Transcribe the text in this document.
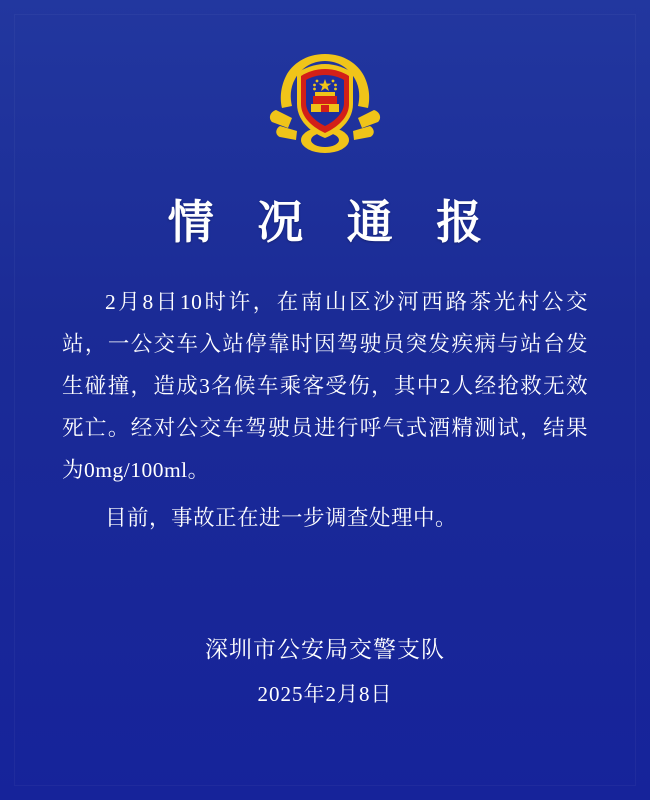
情 况 通 报

2月8日10时许，在南山区沙河西路茶光村公交站，一公交车入站停靠时因驾驶员突发疾病与站台发生碰撞，造成3名候车乘客受伤，其中2人经抢救无效死亡。经对公交车驾驶员进行呼气式酒精测试，结果为0mg/100ml。

目前，事故正在进一步调查处理中。

深圳市公安局交警支队
2025年2月8日
